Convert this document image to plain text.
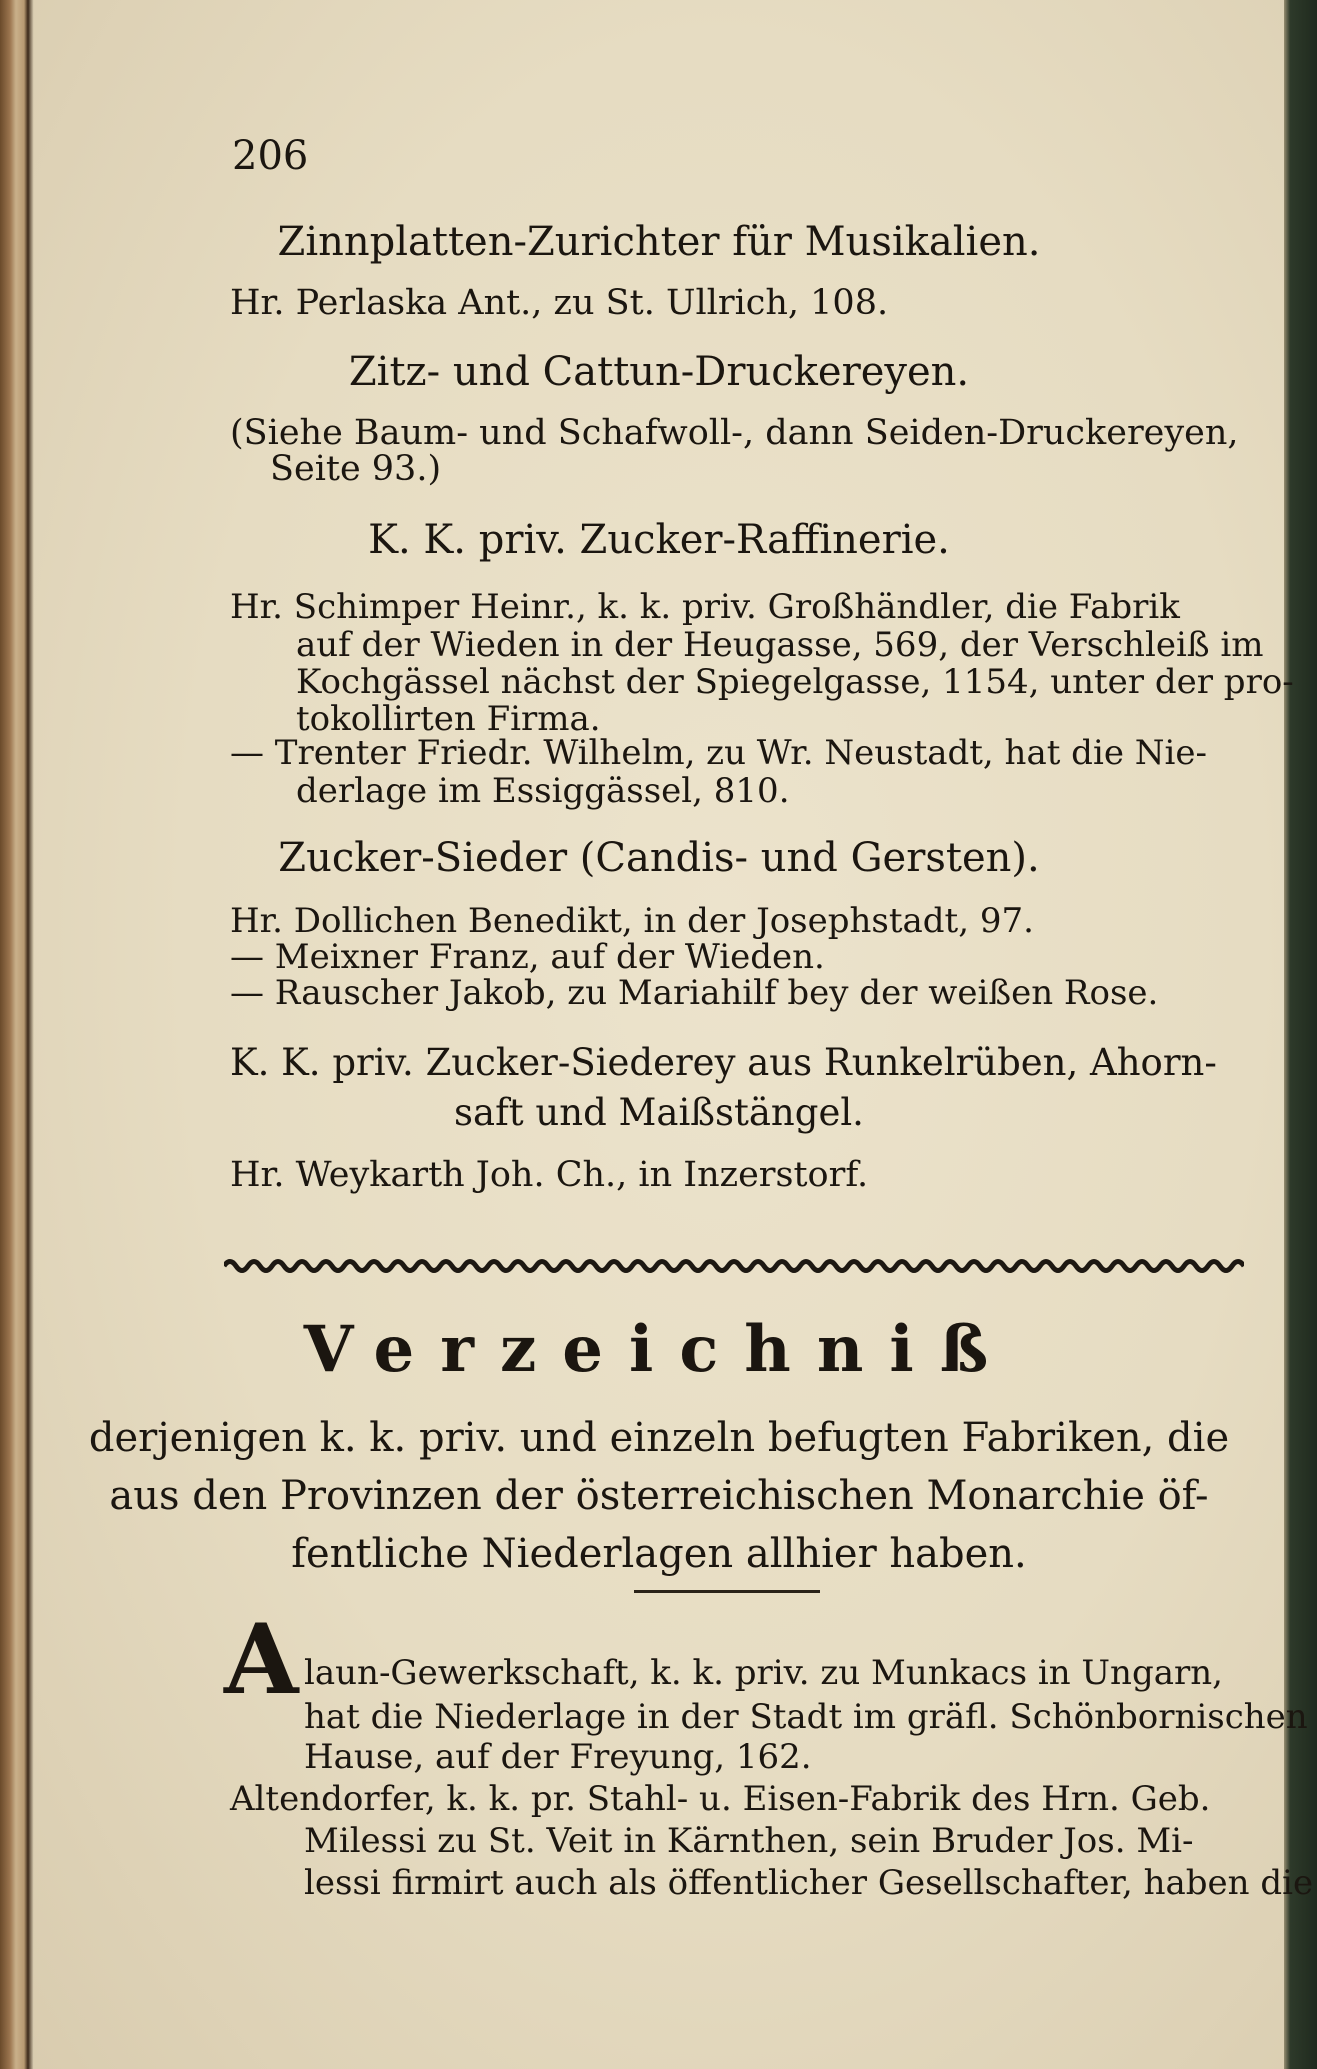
206
Zinnplatten-Zurichter für Musikalien.
Hr. Perlaska Ant., zu St. Ullrich, 108.
Zitz- und Cattun-Druckereyen.
(Siehe Baum- und Schafwoll-, dann Seiden-Druckereyen,
Seite 93.)
K. K. priv. Zucker-Raffinerie.
Hr. Schimper Heinr., k. k. priv. Großhändler, die Fabrik
auf der Wieden in der Heugasse, 569, der Verschleiß im
Kochgässel nächst der Spiegelgasse, 1154, unter der pro-
tokollirten Firma.
— Trenter Friedr. Wilhelm, zu Wr. Neustadt, hat die Nie-
derlage im Essiggässel, 810.
Zucker-Sieder (Candis- und Gersten).
Hr. Dollichen Benedikt, in der Josephstadt, 97.
— Meixner Franz, auf der Wieden.
— Rauscher Jakob, zu Mariahilf bey der weißen Rose.
K. K. priv. Zucker-Siederey aus Runkelrüben, Ahorn-
saft und Maißstängel.
Hr. Weykarth Joh. Ch., in Inzerstorf.
Verzeichniß
derjenigen k. k. priv. und einzeln befugten Fabriken, die
aus den Provinzen der österreichischen Monarchie öf-
fentliche Niederlagen allhier haben.
A laun-Gewerkschaft, k. k. priv. zu Munkacs in Ungarn,
hat die Niederlage in der Stadt im gräfl. Schönbornischen
Hause, auf der Freyung, 162.
Altendorfer, k. k. pr. Stahl- u. Eisen-Fabrik des Hrn. Geb.
Milessi zu St. Veit in Kärnthen, sein Bruder Jos. Mi-
lessi firmirt auch als öffentlicher Gesellschafter, haben die
